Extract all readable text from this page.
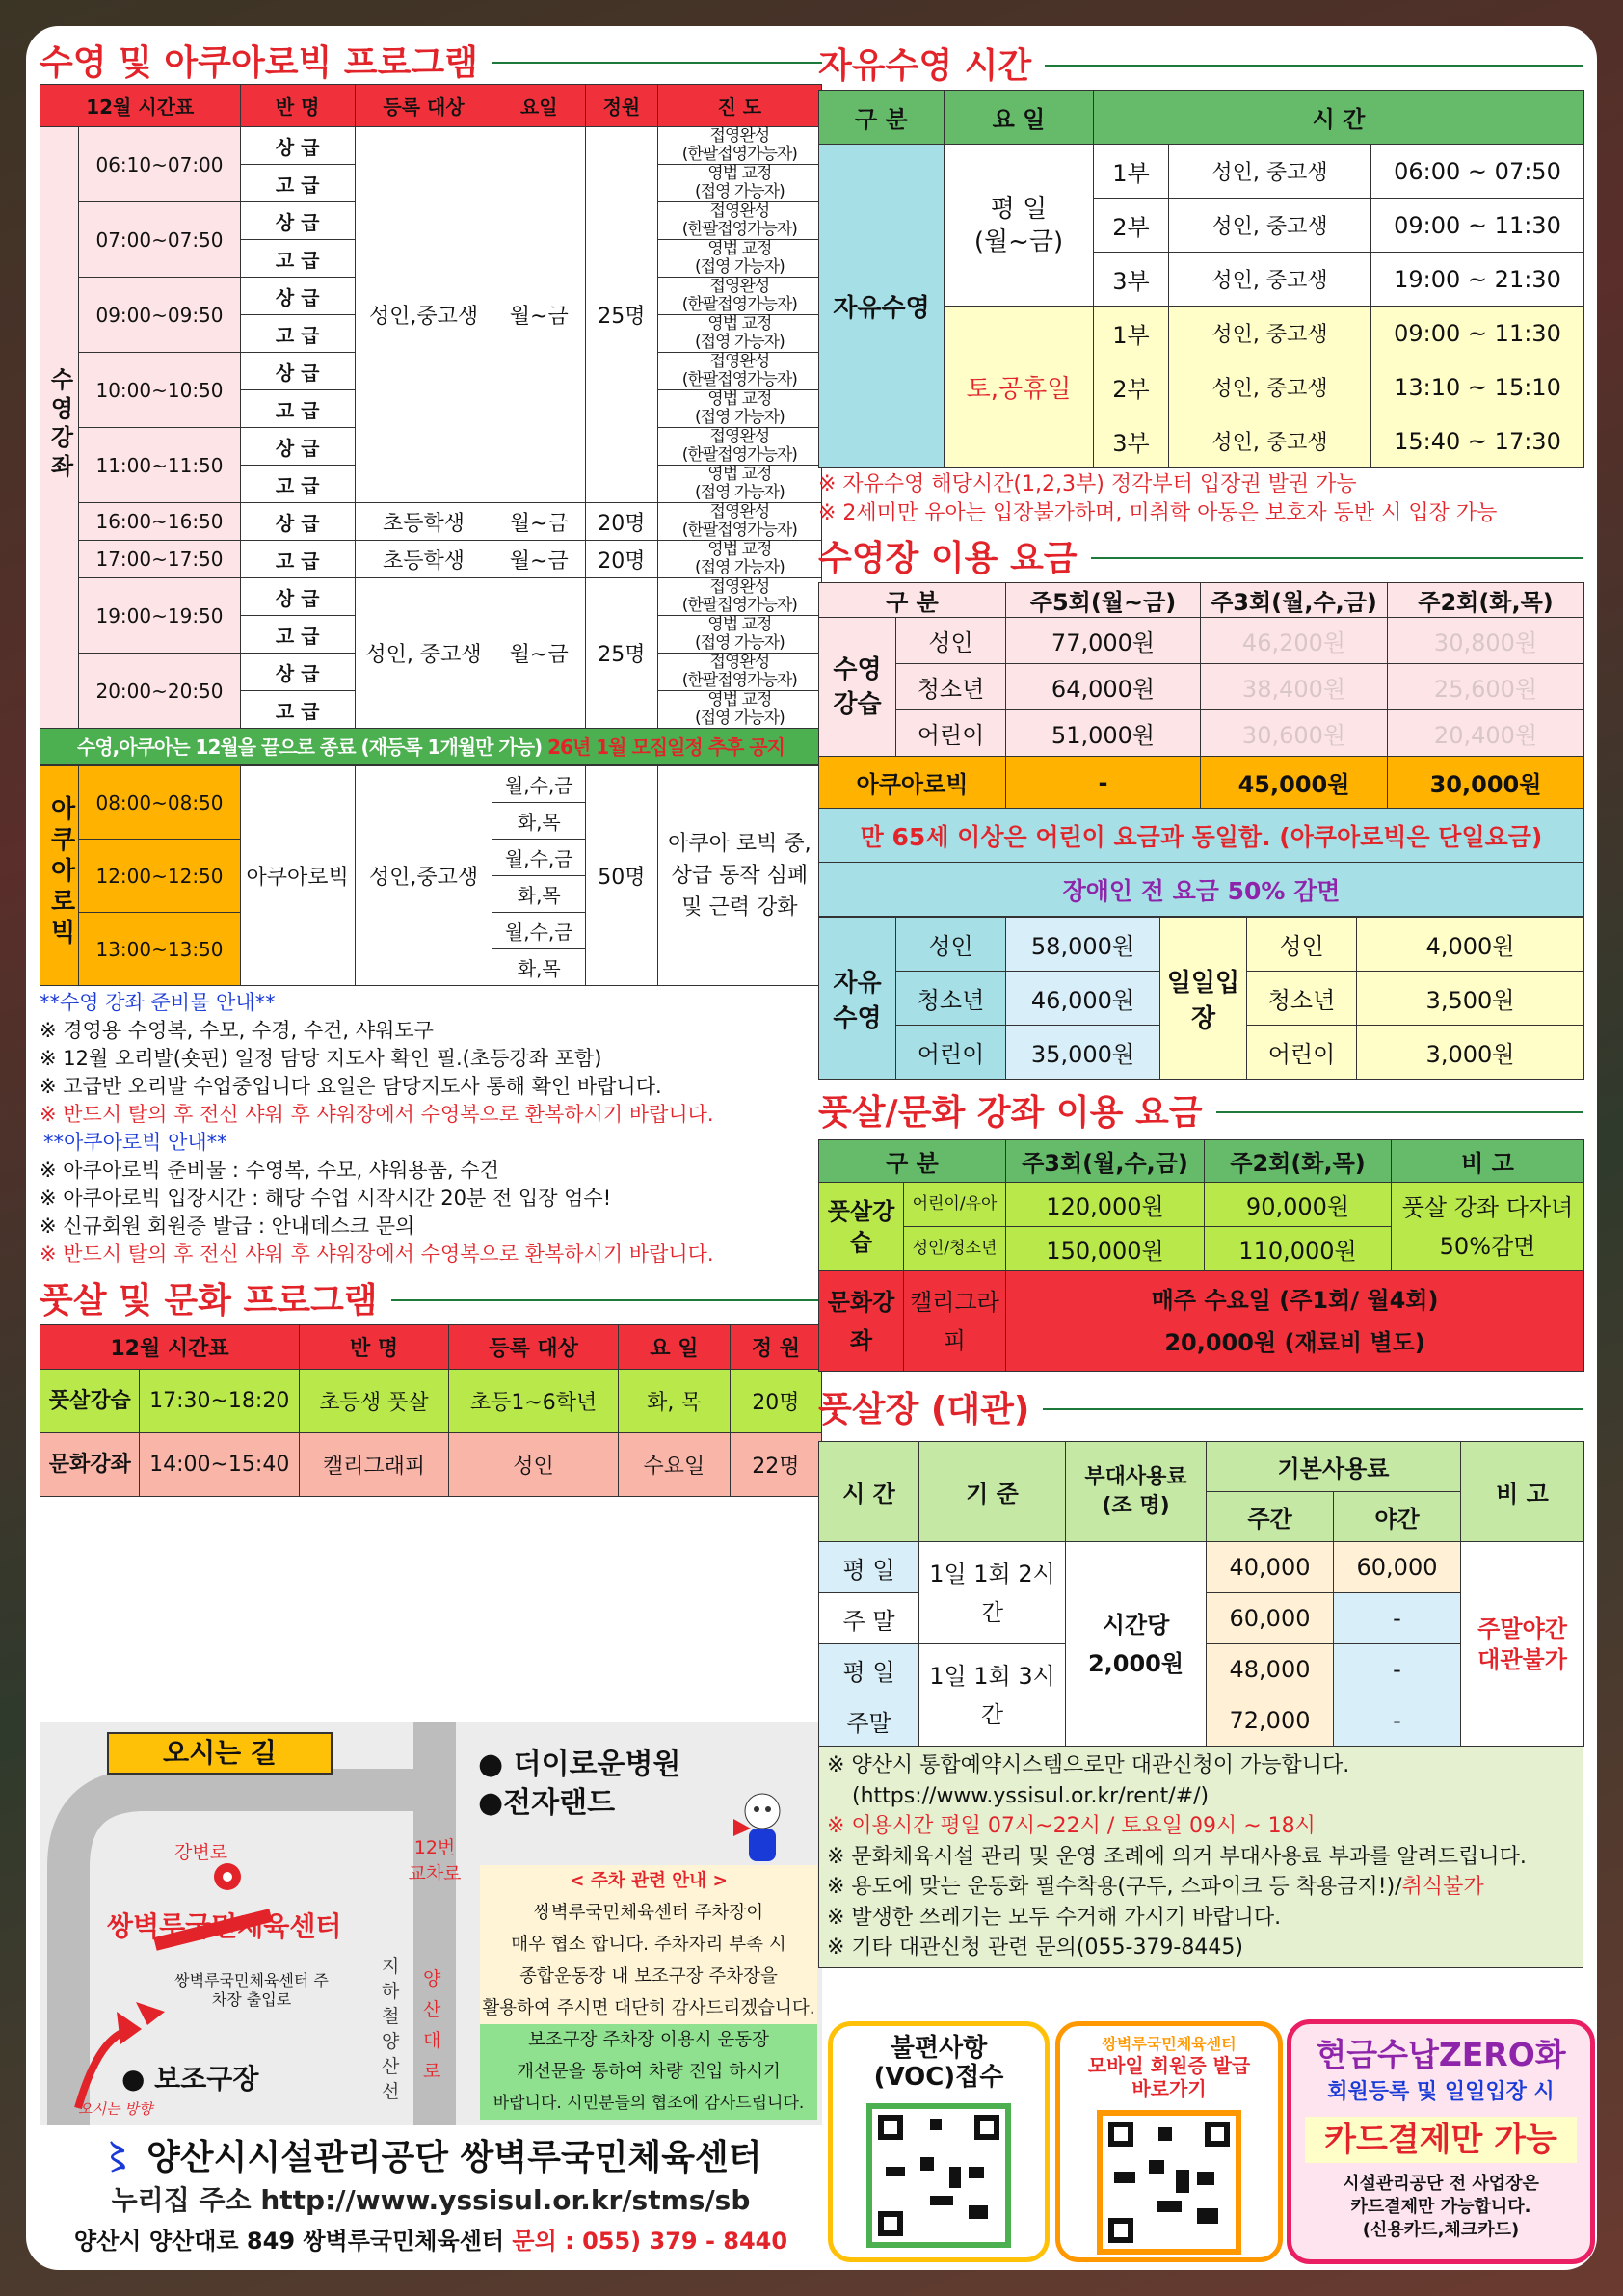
수영 및 아쿠아로빅 프로그램
12월 시간표		반 명	등록 대상	요일	정원	진 도
수영강좌	06:10~07:00	상 급	성인,중고생	월~금	25명	접영완성
(한팔접영가능자)
		고 급				영법 교정
(접영 가능자)
	07:00~07:50	상 급				접영완성
(한팔접영가능자)
		고 급				영법 교정
(접영 가능자)
	09:00~09:50	상 급				접영완성
(한팔접영가능자)
		고 급				영법 교정
(접영 가능자)
	10:00~10:50	상 급				접영완성
(한팔접영가능자)
		고 급				영법 교정
(접영 가능자)
	11:00~11:50	상 급				접영완성
(한팔접영가능자)
		고 급				영법 교정
(접영 가능자)
	16:00~16:50	상 급	초등학생	월~금	20명	접영완성
(한팔접영가능자)
	17:00~17:50	고 급	초등학생	월~금	20명	영법 교정
(접영 가능자)
	19:00~19:50	상 급	성인, 중고생	월~금	25명	접영완성
(한팔접영가능자)
		고 급				영법 교정
(접영 가능자)
	20:00~20:50	상 급				접영완성
(한팔접영가능자)
		고 급				영법 교정
(접영 가능자)
수영,아쿠아는 12월을 끝으로 종료 (재등록 1개월만 가능) 26년 1월 모집일정 추후 공지
아쿠아로빅	08:00~08:50	아쿠아로빅	성인,중고생	월,수,금	50명	아쿠아 로빅 중,상급 동작 심폐 및 근력 강화
				화,목		
	12:00~12:50			월,수,금		
				화,목		
	13:00~13:50			월,수,금		
				화,목		
**수영 강좌 준비물 안내**
※ 경영용 수영복, 수모, 수경, 수건, 샤워도구
※ 12월 오리발(숏핀) 일정 담당 지도사 확인 필.(초등강좌 포함)
※ 고급반 오리발 수업중입니다 요일은 담당지도사 통해 확인 바랍니다.
※ 반드시 탈의 후 전신 샤워 후 샤워장에서 수영복으로 환복하시기 바랍니다.
**아쿠아로빅 안내**
※ 아쿠아로빅 준비물 : 수영복, 수모, 샤워용품, 수건
※ 아쿠아로빅 입장시간 : 해당 수업 시작시간 20분 전 입장 엄수!
※ 신규회원 회원증 발급 : 안내데스크 문의
※ 반드시 탈의 후 전신 샤워 후 샤워장에서 수영복으로 환복하시기 바랍니다.
풋살 및 문화 프로그램
12월 시간표		반 명	등록 대상	요 일	정 원
풋살강습	17:30~18:20	초등생 풋살	초등1~6학년	화, 목	20명
문화강좌	14:00~15:40	캘리그래피	성인	수요일	22명
오시는 길	● 더이로운병원
●전자랜드
강변로	12번 교차로
쌍벽루국민체육센터
지하철양산선
양산대로
쌍벽루국민체육센터 주차장 출입로
● 보조구장
오시는 방향
< 주차 관련 안내 >
쌍벽루국민체육센터 주차장이
매우 협소 합니다. 주차자리 부족 시
종합운동장 내 보조구장 주차장을
활용하여 주시면 대단히 감사드리겠습니다.
보조구장 주차장 이용시 운동장
개선문을 통하여 차량 진입 하시기
바랍니다. 시민분들의 협조에 감사드립니다.
〻 양산시시설관리공단 쌍벽루국민체육센터
누리집 주소 http://www.yssisul.or.kr/stms/sb
양산시 양산대로 849 쌍벽루국민체육센터 문의 : 055) 379 - 8440
자유수영 시간
구 분	요 일	시 간		
자유수영	평 일
(월~금)	1부	성인, 중고생	06:00 ~ 07:50
		2부	성인, 중고생	09:00 ~ 11:30
		3부	성인, 중고생	19:00 ~ 21:30
	토,공휴일	1부	성인, 중고생	09:00 ~ 11:30
		2부	성인, 중고생	13:10 ~ 15:10
		3부	성인, 중고생	15:40 ~ 17:30
※ 자유수영 해당시간(1,2,3부) 정각부터 입장권 발권 가능
※ 2세미만 유아는 입장불가하며, 미취학 아동은 보호자 동반 시 입장 가능
수영장 이용 요금
구 분		주5회(월~금)	주3회(월,수,금)	주2회(화,목)
수영강습	성인	77,000원	46,200원	30,800원
	청소년	64,000원	38,400원	25,600원
	어린이	51,000원	30,600원	20,400원
아쿠아로빅		-	45,000원	30,000원
만 65세 이상은 어린이 요금과 동일함. (아쿠아로빅은 단일요금)				
장애인 전 요금 50% 감면				
자유수영	성인	58,000원	일일입장	성인	4,000원
	청소년	46,000원		청소년	3,500원
	어린이	35,000원		어린이	3,000원
풋살/문화 강좌 이용 요금
구 분		주3회(월,수,금)	주2회(화,목)	비 고
풋살강습	어린이/유아	120,000원	90,000원	풋살 강좌 다자녀 50%감면
	성인/청소년	150,000원	110,000원	
문화강좌	캘리그라피	매주 수요일 (주1회/ 월4회)
20,000원 (재료비 별도)		
풋살장 (대관)
시 간	기 준	부대사용료 (조 명)	기본사용료		비 고
			주간	야간	
평 일	1일 1회 2시간	시간당 2,000원	40,000	60,000	주말야간 대관불가
주 말			60,000	-	
평 일	1일 1회 3시간		48,000	-	
주말			72,000	-	
※ 양산시 통합예약시스템으로만 대관신청이 가능합니다.
(https://www.yssisul.or.kr/rent/#/)
※ 이용시간 평일 07시~22시 / 토요일 09시 ~ 18시
※ 문화체육시설 관리 및 운영 조례에 의거 부대사용료 부과를 알려드립니다.
※ 용도에 맞는 운동화 필수착용(구두, 스파이크 등 착용금지!)/취식불가
※ 발생한 쓰레기는 모두 수거해 가시기 바랍니다.
※ 기타 대관신청 관련 문의(055-379-8445)
불편사항
(VOC)접수
쌍벽루국민체육센터
모바일 회원증 발급
바로가기
현금수납ZERO화
회원등록 및 일일입장 시
카드결제만 가능
시설관리공단 전 사업장은
카드결제만 가능합니다.
(신용카드,체크카드)
